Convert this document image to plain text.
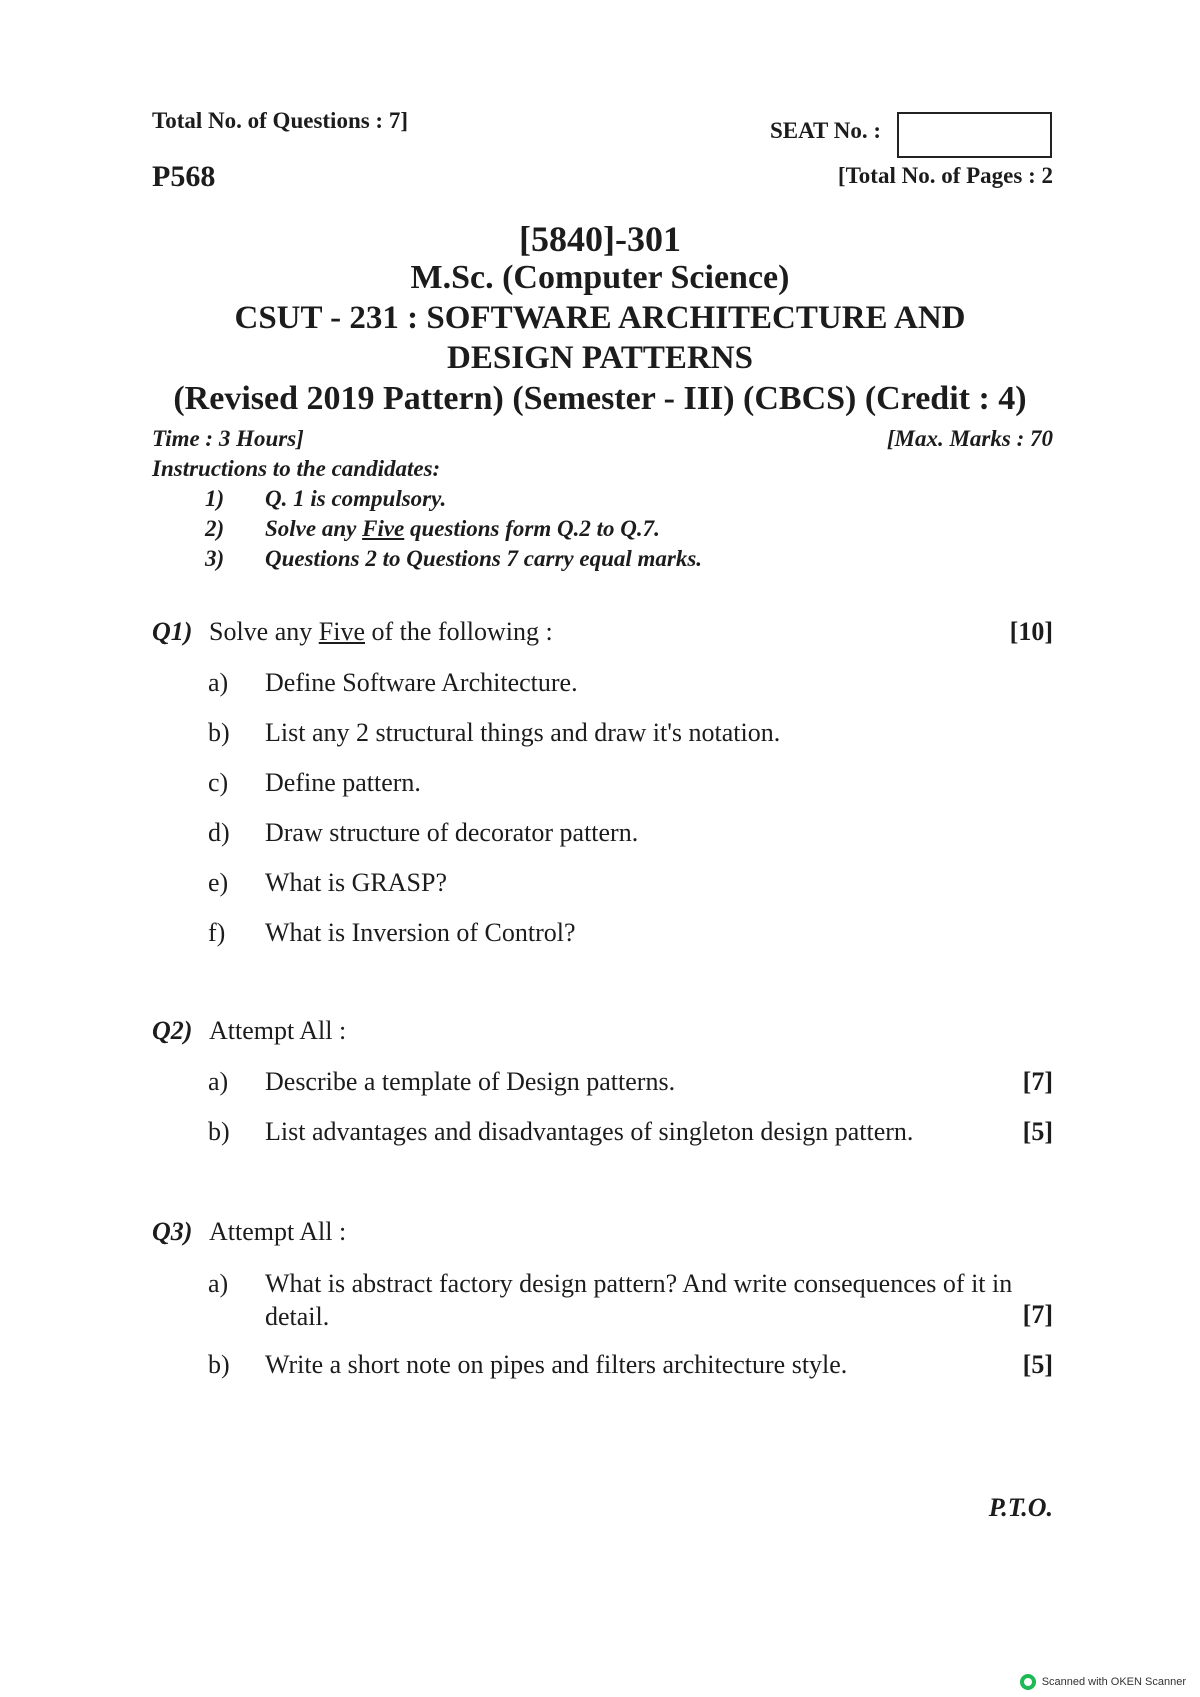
Total No. of Questions : 7]	SEAT No. :
P568	[Total No. of Pages : 2
[5840]-301
M.Sc. (Computer Science)
CSUT - 231 : SOFTWARE ARCHITECTURE AND
DESIGN PATTERNS
(Revised 2019 Pattern) (Semester - III) (CBCS) (Credit : 4)
Time : 3 Hours]	[Max. Marks : 70
Instructions to the candidates:
1) Q. 1 is compulsory.
2) Solve any Five questions form Q.2 to Q.7.
3) Questions 2 to Questions 7 carry equal marks.
Q1) Solve any Five of the following :	[10]
a) Define Software Architecture.
b) List any 2 structural things and draw it's notation.
c) Define pattern.
d) Draw structure of decorator pattern.
e) What is GRASP?
f) What is Inversion of Control?
Q2) Attempt All :
a) Describe a template of Design patterns.	[7]
b) List advantages and disadvantages of singleton design pattern.	[5]
Q3) Attempt All :
a) What is abstract factory design pattern? And write consequences of it in detail.	[7]
b) Write a short note on pipes and filters architecture style.	[5]
P.T.O.
Scanned with OKEN Scanner
